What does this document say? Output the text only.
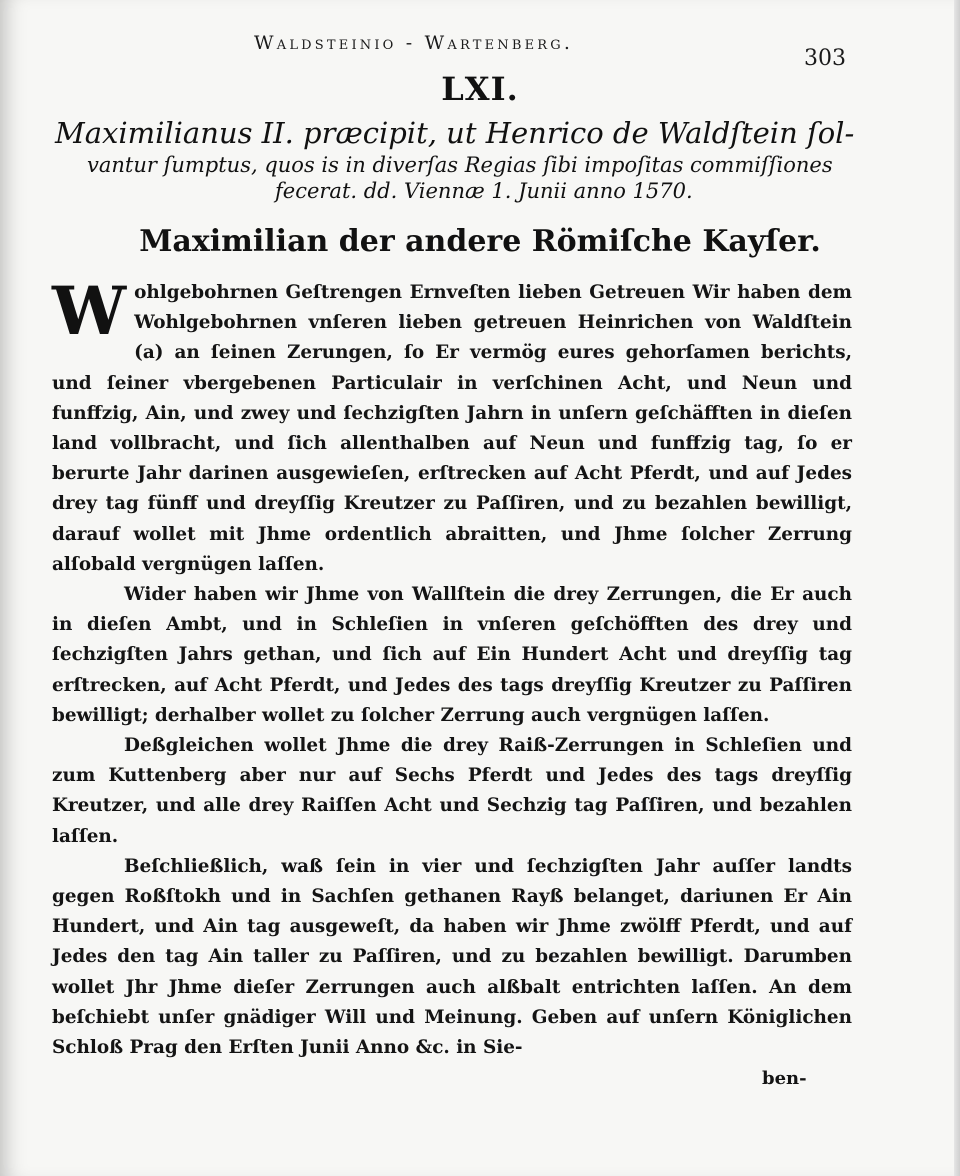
Waldsteinio - Wartenberg.
303
LXI.
Maximilianus II. præcipit, ut Henrico de Waldſtein ſol-
vantur ſumptus, quos is in diverſas Regias ſibi impoſitas commiſſiones
fecerat. dd. Viennæ 1. Junii anno 1570.
Maximilian der andere Römiſche Kayſer.

Wohlgebohrnen Geſtrengen Ernveſten lieben Getreuen Wir haben dem Wohlgebohrnen vnſeren lieben getreuen Heinrichen von Waldſtein (a) an ſeinen Zerungen, ſo Er vermög eures gehorſamen berichts, und ſeiner vbergebenen Particulair in verſchinen Acht, und Neun und funffzig, Ain, und zwey und ſechzigſten Jahrn in unſern geſchäfften in dieſen land vollbracht, und ſich allenthalben auf Neun und funffzig tag, ſo er berurte Jahr darinen ausgewieſen, erſtrecken auf Acht Pferdt, und auf Jedes drey tag fünff und dreyſſig Kreutzer zu Paſſiren, und zu bezahlen bewilligt, darauf wollet mit Jhme ordentlich abraitten, und Jhme ſolcher Zerrung alſobald vergnügen laſſen.

Wider haben wir Jhme von Wallſtein die drey Zerrungen, die Er auch in dieſen Ambt, und in Schleſien in vnſeren geſchöfften des drey und ſechzigſten Jahrs gethan, und ſich auf Ein Hundert Acht und dreyſſig tag erſtrecken, auf Acht Pferdt, und Jedes des tags dreyſſig Kreutzer zu Paſſiren bewilligt; derhalber wollet zu ſolcher Zerrung auch vergnügen laſſen.

Deßgleichen wollet Jhme die drey Raiß-Zerrungen in Schleſien und zum Kuttenberg aber nur auf Sechs Pferdt und Jedes des tags dreyſſig Kreutzer, und alle drey Raiſſen Acht und Sechzig tag Paſſiren, und bezahlen laſſen.

Beſchließlich, waß ſein in vier und ſechzigſten Jahr auſſer landts gegen Roßſtokh und in Sachſen gethanen Rayß belanget, dariunen Er Ain Hundert, und Ain tag ausgeweſt, da haben wir Jhme zwölff Pferdt, und auf Jedes den tag Ain taller zu Paſſiren, und zu bezahlen bewilligt. Darumben wollet Jhr Jhme dieſer Zerrungen auch alßbalt entrichten laſſen. An dem beſchiebt unſer gnädiger Will und Meinung. Geben auf unſern Königlichen Schloß Prag den Erſten Junii Anno &c. in Sie-

ben-
